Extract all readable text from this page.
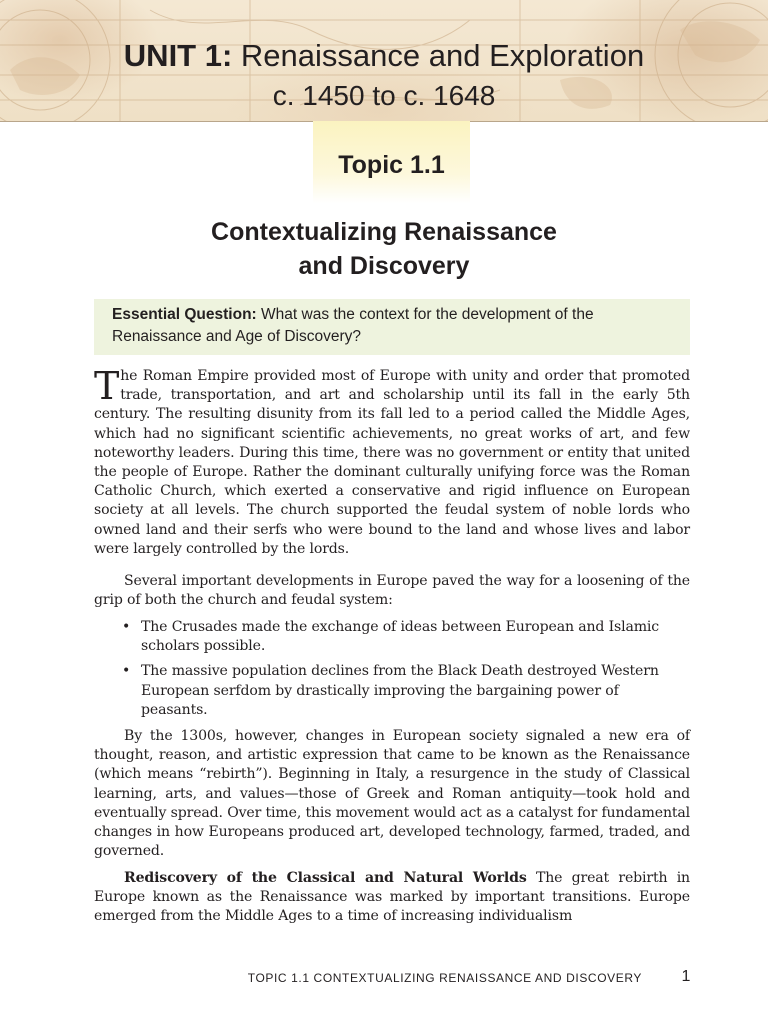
UNIT 1: Renaissance and Exploration
c. 1450 to c. 1648
Topic 1.1
Contextualizing Renaissance
and Discovery
Essential Question: What was the context for the development of the Renaissance and Age of Discovery?
The Roman Empire provided most of Europe with unity and order that promoted trade, transportation, and art and scholarship until its fall in the early 5th century. The resulting disunity from its fall led to a period called the Middle Ages, which had no significant scientific achievements, no great works of art, and few noteworthy leaders. During this time, there was no government or entity that united the people of Europe. Rather the dominant culturally unifying force was the Roman Catholic Church, which exerted a conservative and rigid influence on European society at all levels. The church supported the feudal system of noble lords who owned land and their serfs who were bound to the land and whose lives and labor were largely controlled by the lords.
Several important developments in Europe paved the way for a loosening of the grip of both the church and feudal system:
• The Crusades made the exchange of ideas between European and Islamic scholars possible.
• The massive population declines from the Black Death destroyed Western European serfdom by drastically improving the bargaining power of peasants.
By the 1300s, however, changes in European society signaled a new era of thought, reason, and artistic expression that came to be known as the Renaissance (which means “rebirth”). Beginning in Italy, a resurgence in the study of Classical learning, arts, and values—those of Greek and Roman antiquity—took hold and eventually spread. Over time, this movement would act as a catalyst for fundamental changes in how Europeans produced art, developed technology, farmed, traded, and governed.
Rediscovery of the Classical and Natural Worlds The great rebirth in Europe known as the Renaissance was marked by important transitions. Europe emerged from the Middle Ages to a time of increasing individualism
TOPIC 1.1 CONTEXTUALIZING RENAISSANCE AND DISCOVERY	1
